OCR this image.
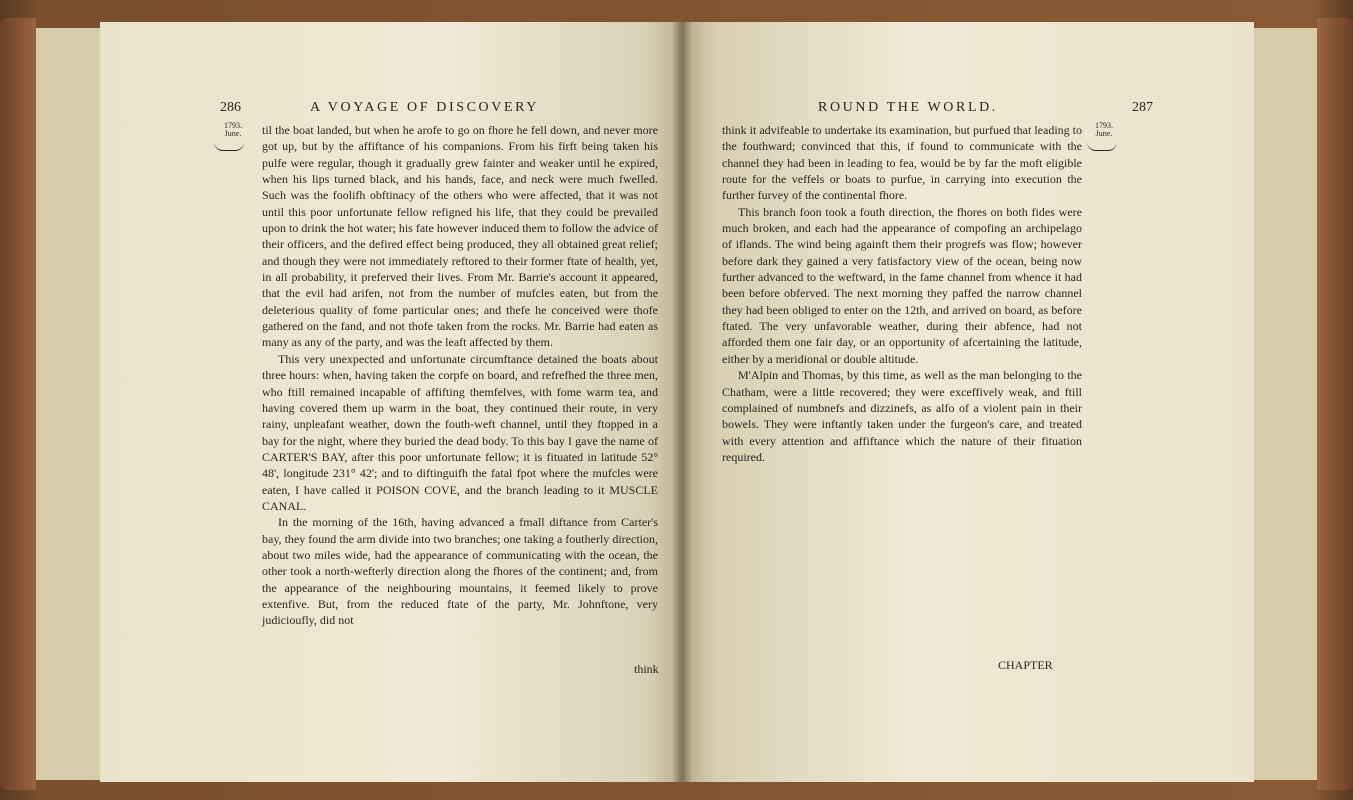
286	A VOYAGE OF DISCOVERY
1793.
June.	til the boat landed, but when he arofe to go on fhore he fell down, and never more got up, but by the affiftance of his companions. From his firft being taken his pulfe were regular, though it gradually grew fainter and weaker until he expired, when his lips turned black, and his hands, face, and neck were much fwelled. Such was the foolifh obftinacy of the others who were affected, that it was not until this poor unfortunate fellow refigned his life, that they could be prevailed upon to drink the hot water; his fate however induced them to follow the advice of their officers, and the defired effect being produced, they all obtained great relief; and though they were not immediately reftored to their former ftate of health, yet, in all probability, it preferved their lives. From Mr. Barrie's account it appeared, that the evil had arifen, not from the number of mufcles eaten, but from the deleterious quality of fome particular ones; and thefe he conceived were thofe gathered on the fand, and not thofe taken from the rocks. Mr. Barrie had eaten as many as any of the party, and was the leaft affected by them.

This very unexpected and unfortunate circumftance detained the boats about three hours: when, having taken the corpfe on board, and refrefhed the three men, who ftill remained incapable of affifting themfelves, with fome warm tea, and having covered them up warm in the boat, they continued their route, in very rainy, unpleafant weather, down the fouth-weft channel, until they ftopped in a bay for the night, where they buried the dead body. To this bay I gave the name of CARTER'S BAY, after this poor unfortunate fellow; it is fituated in latitude 52° 48', longitude 231° 42'; and to diftinguifh the fatal fpot where the mufcles were eaten, I have called it POISON COVE, and the branch leading to it MUSCLE CANAL.

In the morning of the 16th, having advanced a fmall diftance from Carter's bay, they found the arm divide into two branches; one taking a foutherly direction, about two miles wide, had the appearance of communicating with the ocean, the other took a north-wefterly direction along the fhores of the continent; and, from the appearance of the neighbouring mountains, it feemed likely to prove extenfive. But, from the reduced ftate of the party, Mr. Johnftone, very judicioufly, did not

think
ROUND THE WORLD.	287
1793.
June.

think it advifeable to undertake its examination, but purfued that leading to the fouthward; convinced that this, if found to communicate with the channel they had been in leading to fea, would be by far the moft eligible route for the veffels or boats to purfue, in carrying into execution the further furvey of the continental fhore.

This branch foon took a fouth direction, the fhores on both fides were much broken, and each had the appearance of compofing an archipelago of iflands. The wind being againft them their progrefs was flow; however before dark they gained a very fatisfactory view of the ocean, being now further advanced to the weftward, in the fame channel from whence it had been before obferved. The next morning they paffed the narrow channel they had been obliged to enter on the 12th, and arrived on board, as before ftated. The very unfavorable weather, during their abfence, had not afforded them one fair day, or an opportunity of afcertaining the latitude, either by a meridional or double altitude.

M'Alpin and Thomas, by this time, as well as the man belonging to the Chatham, were a little recovered; they were exceffively weak, and ftill complained of numbnefs and dizzinefs, as alfo of a violent pain in their bowels. They were inftantly taken under the furgeon's care, and treated with every attention and affiftance which the nature of their fituation required.

CHAPTER
